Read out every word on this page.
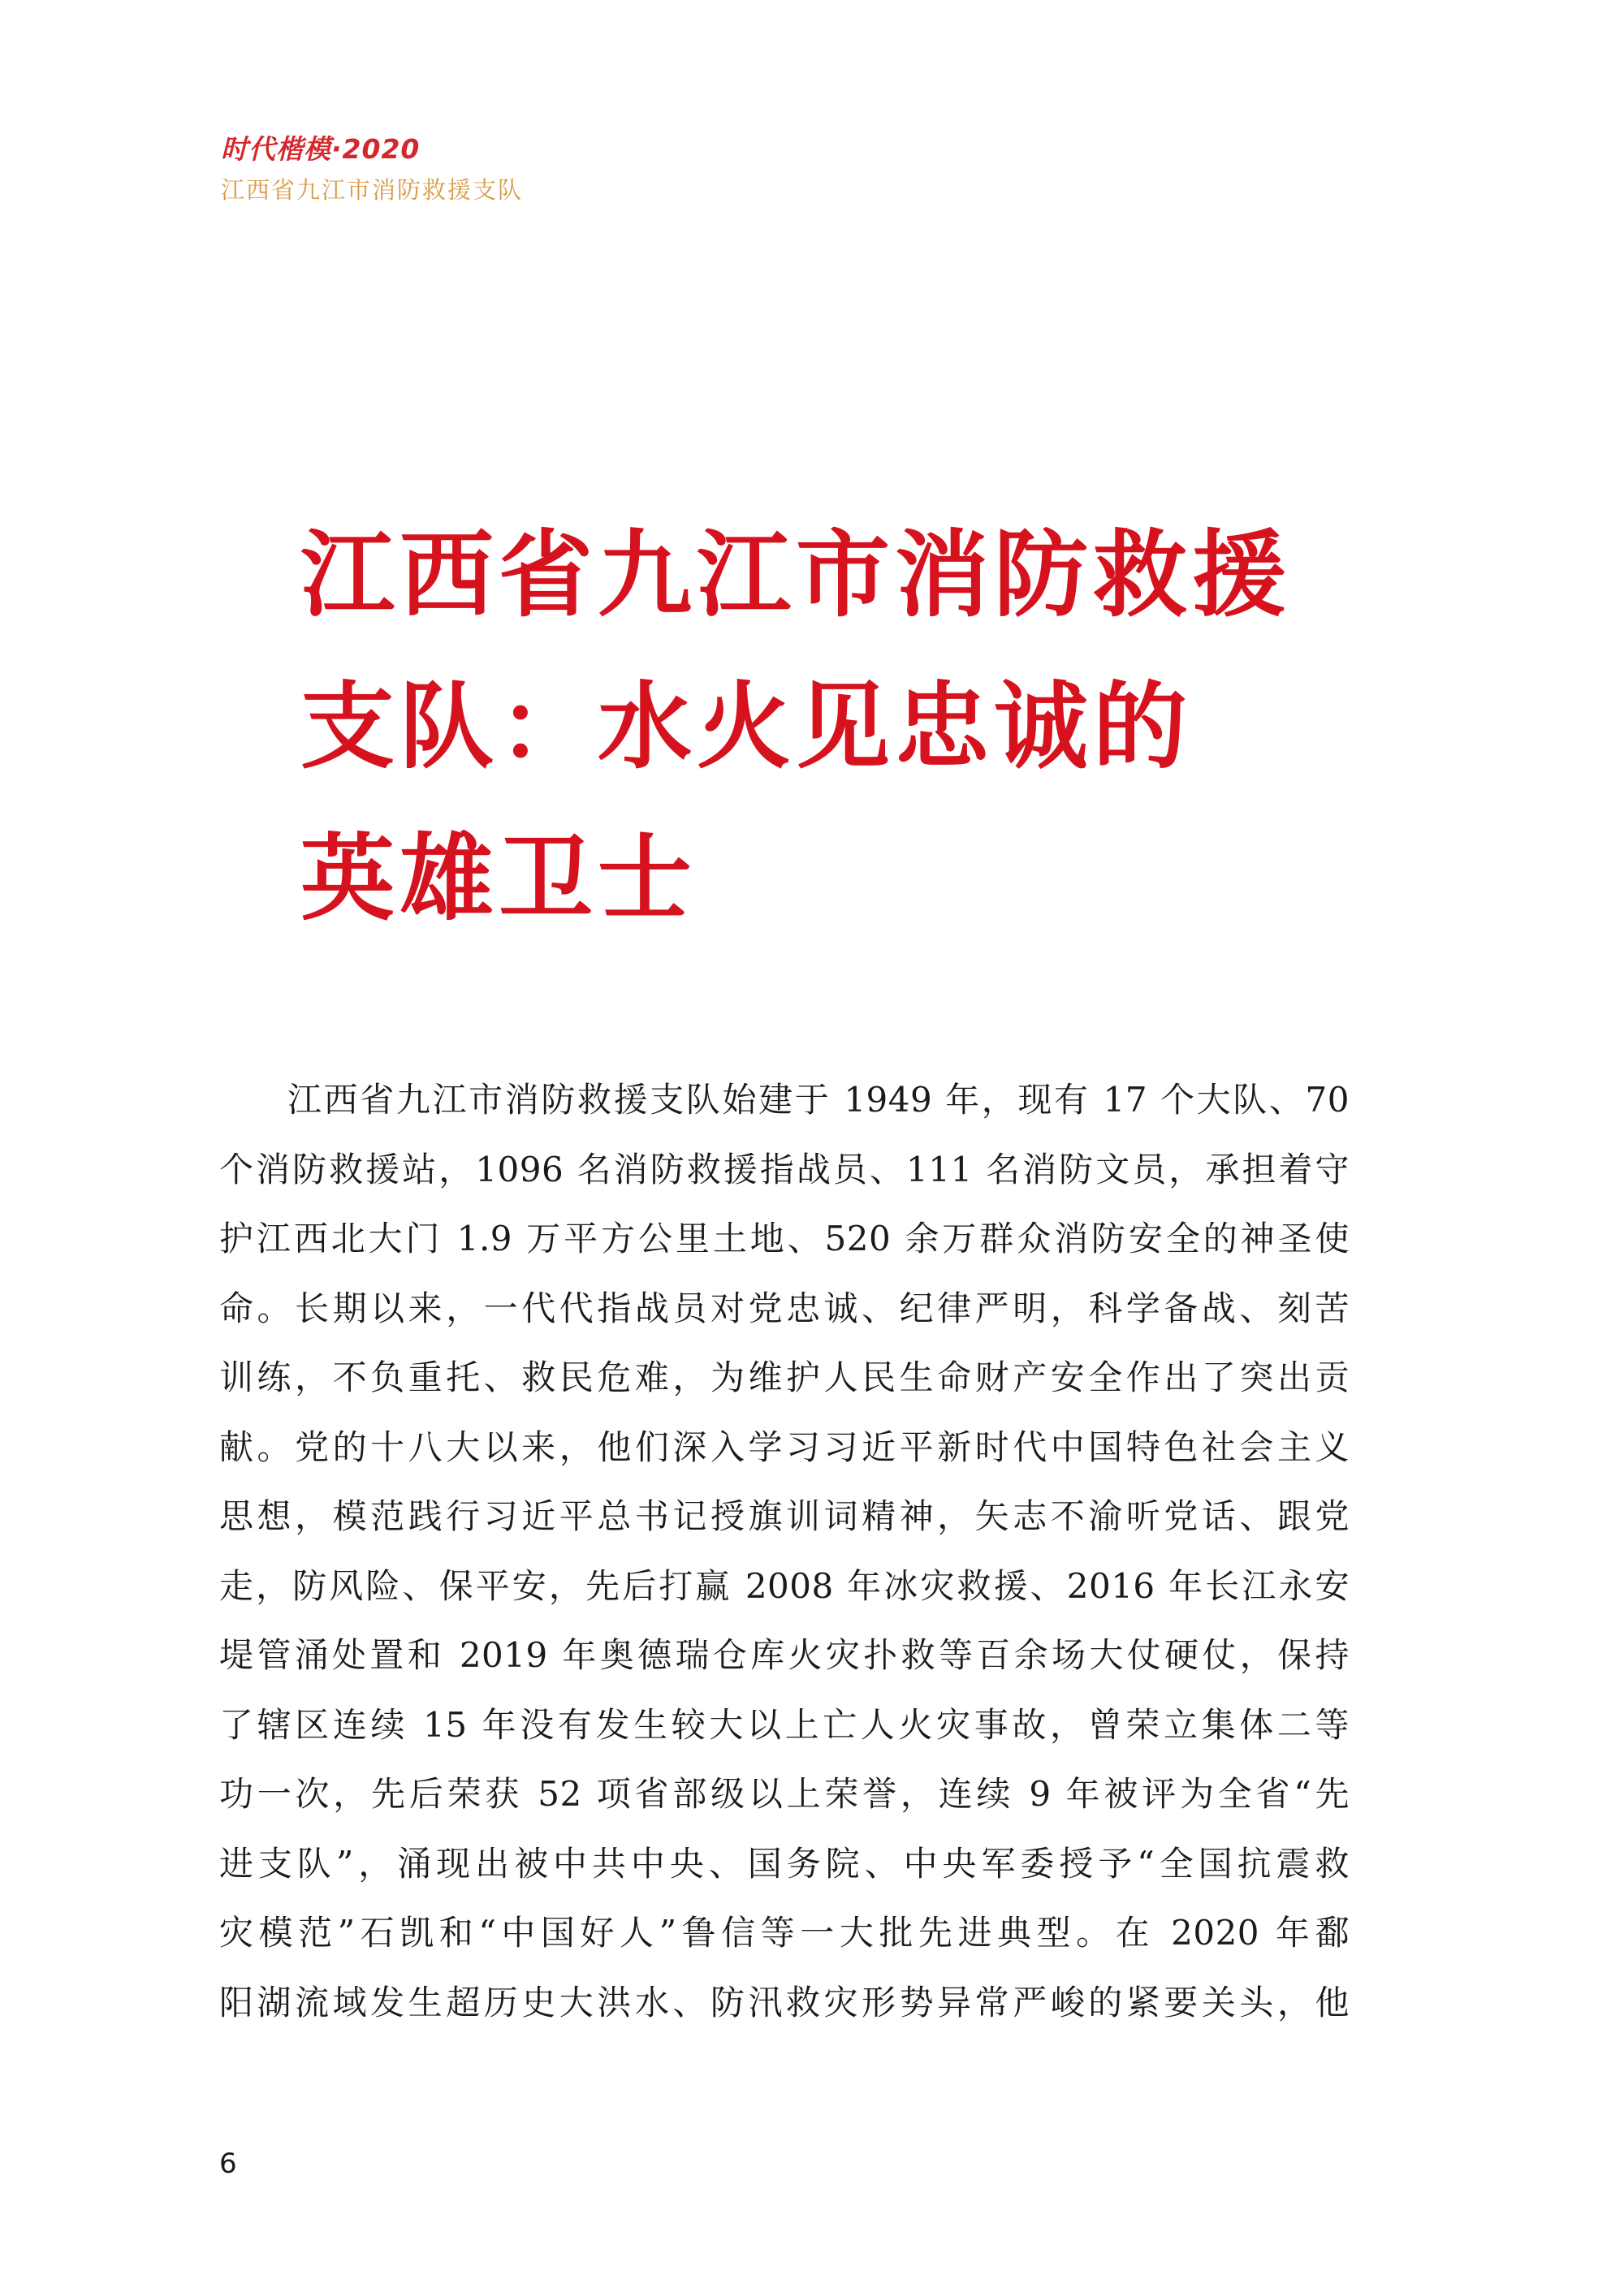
时代楷模·2020
江西省九江市消防救援支队
江西省九江市消防救援
支队：水火见忠诚的
英雄卫士
江西省九江市消防救援支队始建于 1949 年，现有 17 个大队、70
个消防救援站，1096 名消防救援指战员、111 名消防文员，承担着守
护江西北大门 1.9 万平方公里土地、520 余万群众消防安全的神圣使
命。长期以来，一代代指战员对党忠诚、纪律严明，科学备战、刻苦
训练，不负重托、救民危难，为维护人民生命财产安全作出了突出贡
献。党的十八大以来，他们深入学习习近平新时代中国特色社会主义
思想，模范践行习近平总书记授旗训词精神，矢志不渝听党话、跟党
走，防风险、保平安，先后打赢 2008 年冰灾救援、2016 年长江永安
堤管涌处置和 2019 年奥德瑞仓库火灾扑救等百余场大仗硬仗，保持
了辖区连续 15 年没有发生较大以上亡人火灾事故，曾荣立集体二等
功一次，先后荣获 52 项省部级以上荣誉，连续 9 年被评为全省“先
进支队”，涌现出被中共中央、国务院、中央军委授予“全国抗震救
灾模范”石凯和“中国好人”鲁信等一大批先进典型。在 2020 年鄱
阳湖流域发生超历史大洪水、防汛救灾形势异常严峻的紧要关头，他
6
